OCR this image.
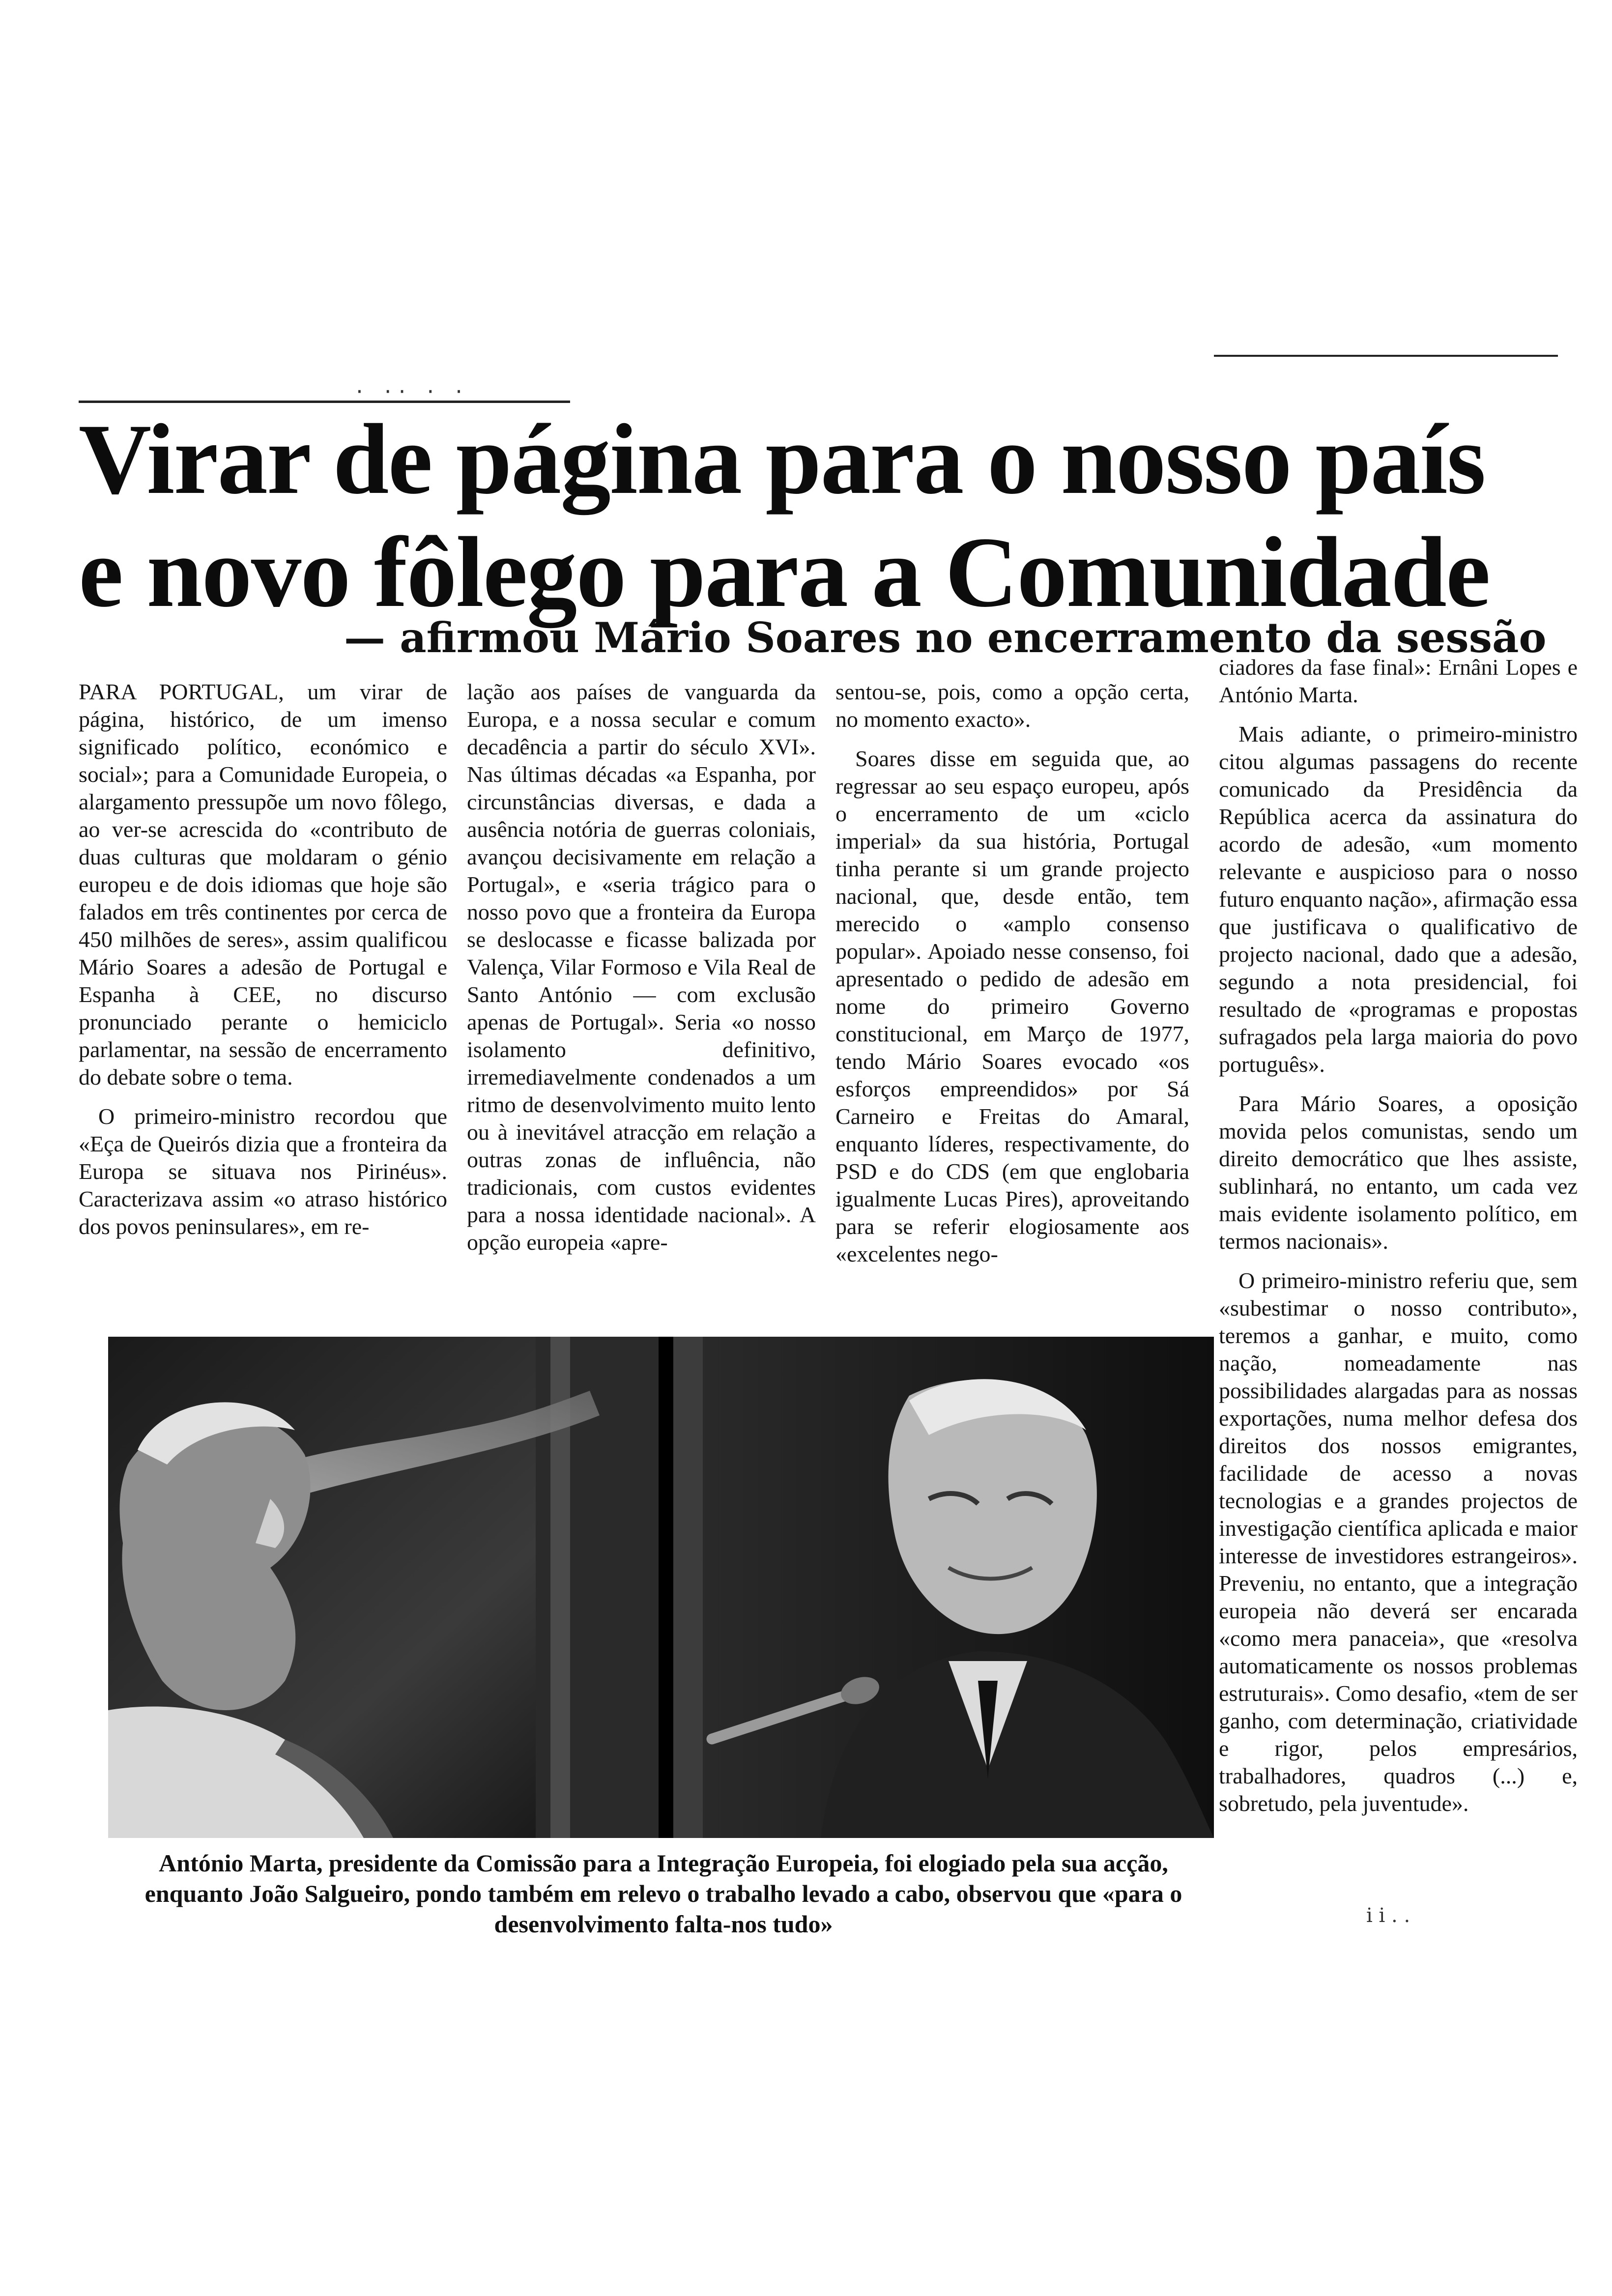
· ·· · ·
Virar de página para o nosso país
e novo fôlego para a Comunidade
— afirmou Mário Soares no encerramento da sessão

PARA PORTUGAL, um virar de página, histórico, de um imenso significado político, económico e social»; para a Comunidade Europeia, o alargamento pressupõe um novo fôlego, ao ver-se acrescida do «contributo de duas culturas que moldaram o génio europeu e de dois idiomas que hoje são falados em três continentes por cerca de 450 milhões de seres», assim qualificou Mário Soares a adesão de Portugal e Espanha à CEE, no discurso pronunciado perante o hemiciclo parlamentar, na sessão de encerramento do debate sobre o tema.

O primeiro-ministro recordou que «Eça de Queirós dizia que a fronteira da Europa se situava nos Pirinéus». Caracterizava assim «o atraso histórico dos povos peninsulares», em re-

lação aos países de vanguarda da Europa, e a nossa secular e comum decadência a partir do século XVI». Nas últimas décadas «a Espanha, por circunstâncias diversas, e dada a ausência notória de guerras coloniais, avançou decisivamente em relação a Portugal», e «seria trágico para o nosso povo que a fronteira da Europa se deslocasse e ficasse balizada por Valença, Vilar Formoso e Vila Real de Santo António — com exclusão apenas de Portugal». Seria «o nosso isolamento definitivo, irremediavelmente condenados a um ritmo de desenvolvimento muito lento ou à inevitável atracção em relação a outras zonas de influência, não tradicionais, com custos evidentes para a nossa identidade nacional». A opção europeia «apre-

sentou-se, pois, como a opção certa, no momento exacto».

Soares disse em seguida que, ao regressar ao seu espaço europeu, após o encerramento de um «ciclo imperial» da sua história, Portugal tinha perante si um grande projecto nacional, que, desde então, tem merecido o «amplo consenso popular». Apoiado nesse consenso, foi apresentado o pedido de adesão em nome do primeiro Governo constitucional, em Março de 1977, tendo Mário Soares evocado «os esforços empreendidos» por Sá Carneiro e Freitas do Amaral, enquanto líderes, respectivamente, do PSD e do CDS (em que englobaria igualmente Lucas Pires), aproveitando para se referir elogiosamente aos «excelentes nego-

ciadores da fase final»: Ernâni Lopes e António Marta.

Mais adiante, o primeiro-ministro citou algumas passagens do recente comunicado da Presidência da República acerca da assinatura do acordo de adesão, «um momento relevante e auspicioso para o nosso futuro enquanto nação», afirmação essa que justificava o qualificativo de projecto nacional, dado que a adesão, segundo a nota presidencial, foi resultado de «programas e propostas sufragados pela larga maioria do povo português».

Para Mário Soares, a oposição movida pelos comunistas, sendo um direito democrático que lhes assiste, sublinhará, no entanto, um cada vez mais evidente isolamento político, em termos nacionais».

O primeiro-ministro referiu que, sem «subestimar o nosso contributo», teremos a ganhar, e muito, como nação, nomeadamente nas possibilidades alargadas para as nossas exportações, numa melhor defesa dos direitos dos nossos emigrantes, facilidade de acesso a novas tecnologias e a grandes projectos de investigação científica aplicada e maior interesse de investidores estrangeiros». Preveniu, no entanto, que a integração europeia não deverá ser encarada «como mera panaceia», que «resolva automaticamente os nossos problemas estruturais». Como desafio, «tem de ser ganho, com determinação, criatividade e rigor, pelos empresários, trabalhadores, quadros (...) e, sobretudo, pela juventude».

António Marta, presidente da Comissão para a Integração Europeia, foi elogiado pela sua acção, enquanto João Salgueiro, pondo também em relevo o trabalho levado a cabo, observou que «para o desenvolvimento falta-nos tudo»	i i . .
